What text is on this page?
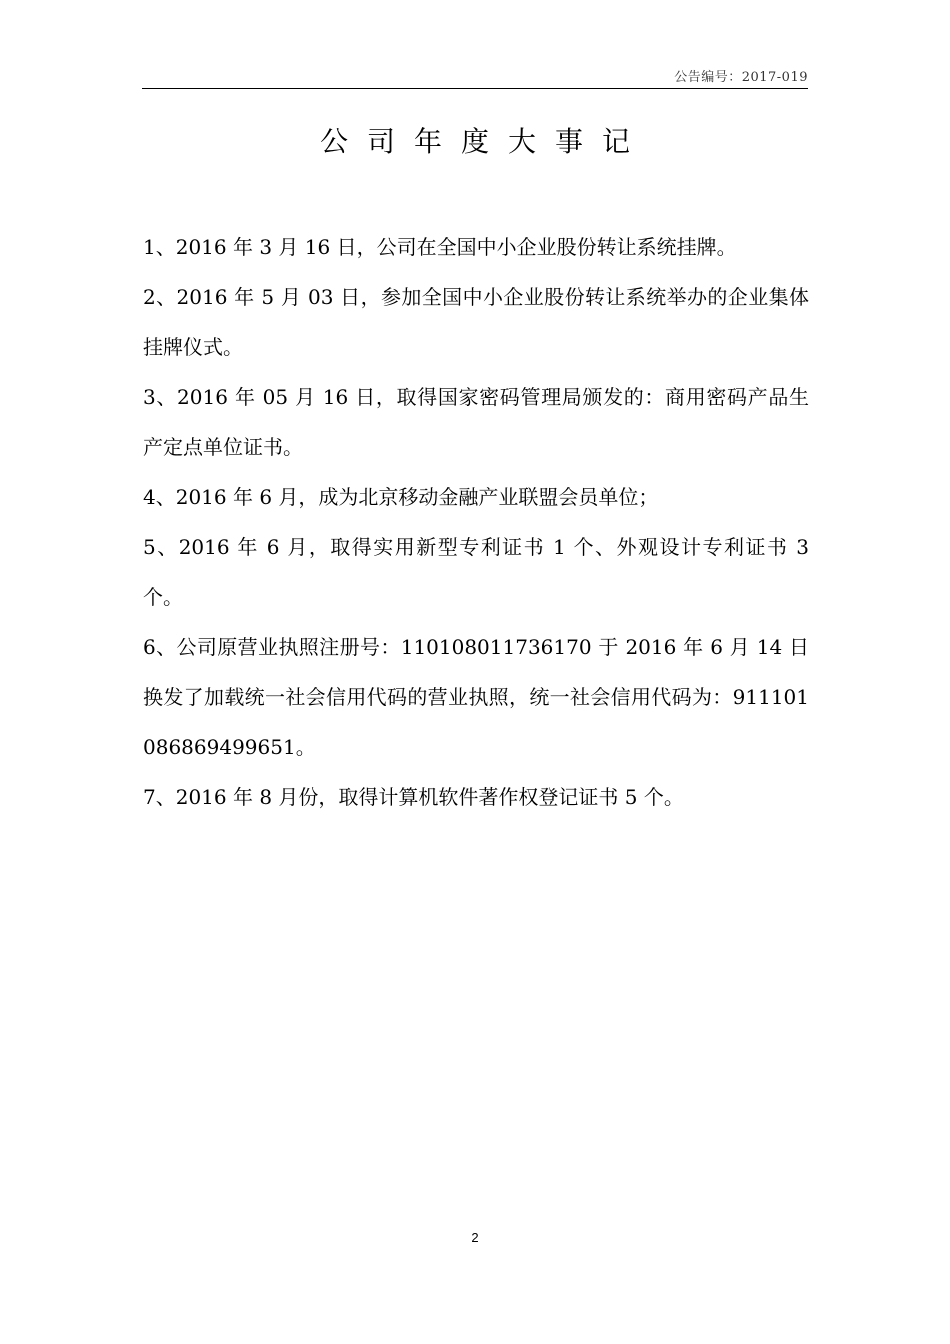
公告编号：2017-019
公司年度大事记
1、2016 年 3 月 16 日，公司在全国中小企业股份转让系统挂牌。
2、2016 年 5 月 03 日，参加全国中小企业股份转让系统举办的企业集体挂牌仪式。
3、2016 年 05 月 16 日，取得国家密码管理局颁发的：商用密码产品生产定点单位证书。
4、2016 年 6 月，成为北京移动金融产业联盟会员单位；
5、2016 年 6 月，取得实用新型专利证书 1 个、外观设计专利证书 3 个。
6、公司原营业执照注册号：110108011736170 于 2016 年 6 月 14 日换发了加载统一社会信用代码的营业执照，统一社会信用代码为：911101086869499651。
7、2016 年 8 月份，取得计算机软件著作权登记证书 5 个。
2
